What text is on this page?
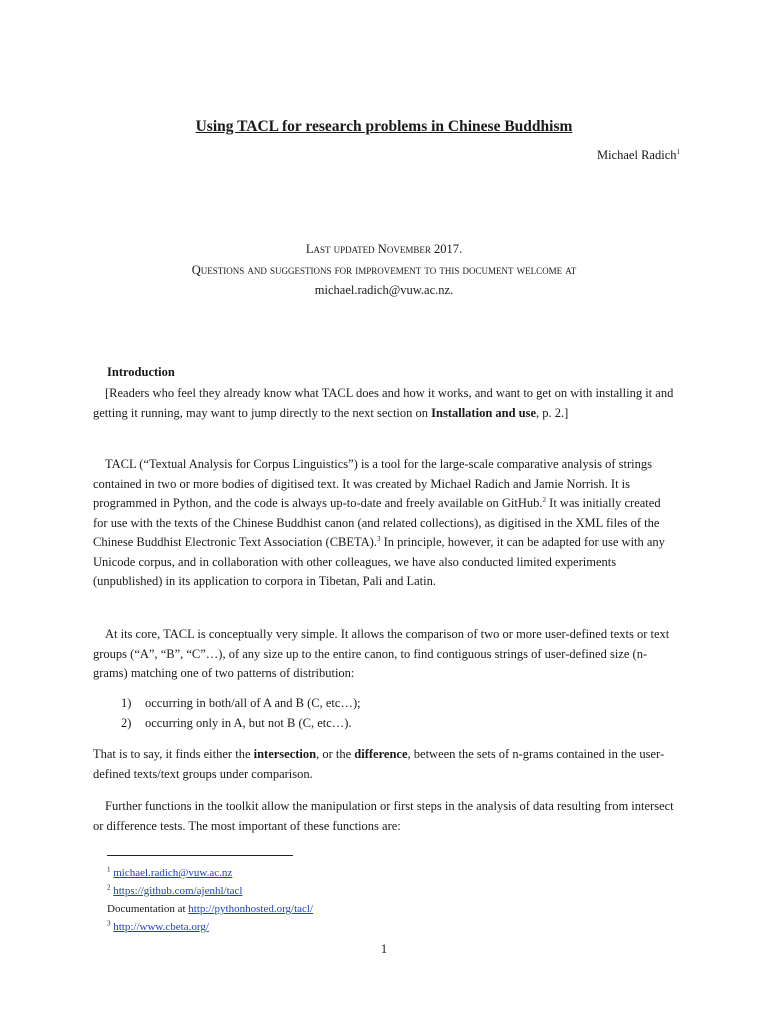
Using TACL for research problems in Chinese Buddhism
Michael Radich$^1$
Last updated November 2017.
Questions and suggestions for improvement to this document welcome at
michael.radich@vuw.ac.nz.
Introduction
[Readers who feel they already know what TACL does and how it works, and want to get on with installing it and getting it running, may want to jump directly to the next section on Installation and use, p. 2.]
TACL (“Textual Analysis for Corpus Linguistics”) is a tool for the large-scale comparative analysis of strings contained in two or more bodies of digitised text. It was created by Michael Radich and Jamie Norrish. It is programmed in Python, and the code is always up-to-date and freely available on GitHub.$^2$ It was initially created for use with the texts of the Chinese Buddhist canon (and related collections), as digitised in the XML files of the Chinese Buddhist Electronic Text Association (CBETA).$^3$ In principle, however, it can be adapted for use with any Unicode corpus, and in collaboration with other colleagues, we have also conducted limited experiments (unpublished) in its application to corpora in Tibetan, Pali and Latin.
At its core, TACL is conceptually very simple. It allows the comparison of two or more user-defined texts or text groups (“A”, “B”, “C”…), of any size up to the entire canon, to find contiguous strings of user-defined size (n-grams) matching one of two patterns of distribution:
1) occurring in both/all of A and B (C, etc…);
2) occurring only in A, but not B (C, etc…).
That is to say, it finds either the intersection, or the difference, between the sets of n-grams contained in the user-defined texts/text groups under comparison.
Further functions in the toolkit allow the manipulation or first steps in the analysis of data resulting from intersect or difference tests. The most important of these functions are:
$^1$ michael.radich@vuw.ac.nz
$^2$ https://github.com/ajenhl/tacl
Documentation at http://pythonhosted.org/tacl/
$^3$ http://www.cbeta.org/
1
